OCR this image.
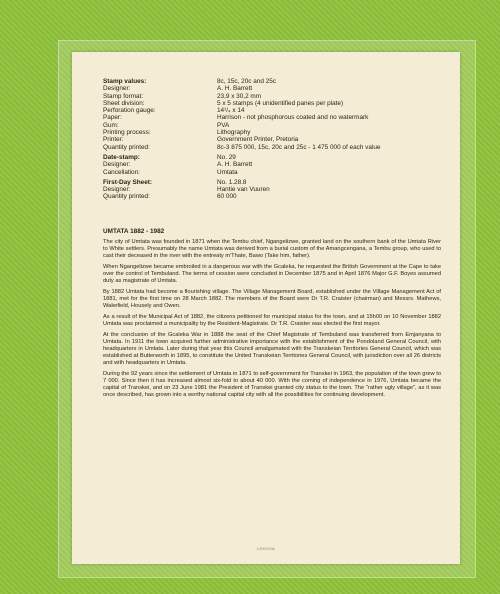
Stamp values:	8c, 15c, 20c and 25c
Designer:	A. H. Barrett
Stamp format:	23,9 x 30,2 mm
Sheet division:	5 x 5 stamps (4 unidentified panes per plate)
Perforation gauge:	14¹/₄ x 14
Paper:	Harrison - not phosphorous coated and no watermark
Gum:	PVA
Printing process:	Lithography
Printer:	Government Printer, Pretoria
Quantity printed:	8c-3 875 000, 15c, 20c and 25c - 1 475 000 of each value
Date-stamp:	No. 29
Designer:	A. H. Barrett
Cancellation:	Umtata
First-Day Sheet:	No. 1.28.8
Designer:	Hantie van Vuuren
Quantity printed:	60 000
UMTATA 1882 - 1982

The city of Umtata was founded in 1871 when the Tembu chief, Ngangelizwe, granted land on the southern bank of the Umtata River to White settlers. Presumably the name Umtata was derived from a burial custom of the Amangcengana, a Tembu group, who used to cast their deceased in the river with the entreaty m'Thate, Bawo (Take him, father).

When Ngangelizwe became embroiled in a dangerous war with the Gcaleka, he requested the British Government at the Cape to take over the control of Tembuland. The terms of cession were concluded in December 1875 and in April 1876 Major G.F. Boyes assumed duty as magistrate of Umtata.

By 1882 Umtata had become a flourishing village. The Village Management Board, established under the Village Management Act of 1881, met for the first time on 28 March 1882. The members of the Board were Dr T.R. Craister (chairman) and Messrs. Mathews, Wakefield, Housely and Owen.

As a result of the Municipal Act of 1882, the citizens petitioned for municipal status for the town, and at 15h00 on 10 November 1882 Umtata was proclaimed a municipality by the Resident-Magistrate. Dr T.R. Craister was elected the first mayor.

At the conclusion of the Gcaleka War in 1888 the seat of the Chief Magistrate of Tembuland was transferred from Emjanyana to Umtata. In 1911 the town acquired further administrative importance with the establishment of the Pondoland General Council, with headquarters in Umtata. Later during that year this Council amalgamated with the Transkeian Territories General Council, which was established at Butterworth in 1895, to constitute the United Transkeian Territories General Council, with jurisdiction over all 26 districts and with headquarters in Umtata.

During the 92 years since the settlement of Umtata in 1871 to self-government for Transkei in 1963, the population of the town grew to 7 000. Since then it has increased almost six-fold to about 40 000. With the coming of independence in 1976, Umtata became the capital of Transkei, and on 23 June 1981 the President of Transkei granted city status to the town. The "rather ugly village", as it was once described, has grown into a worthy national capital city with all the possibilities for continuing development.

LEKHOA
